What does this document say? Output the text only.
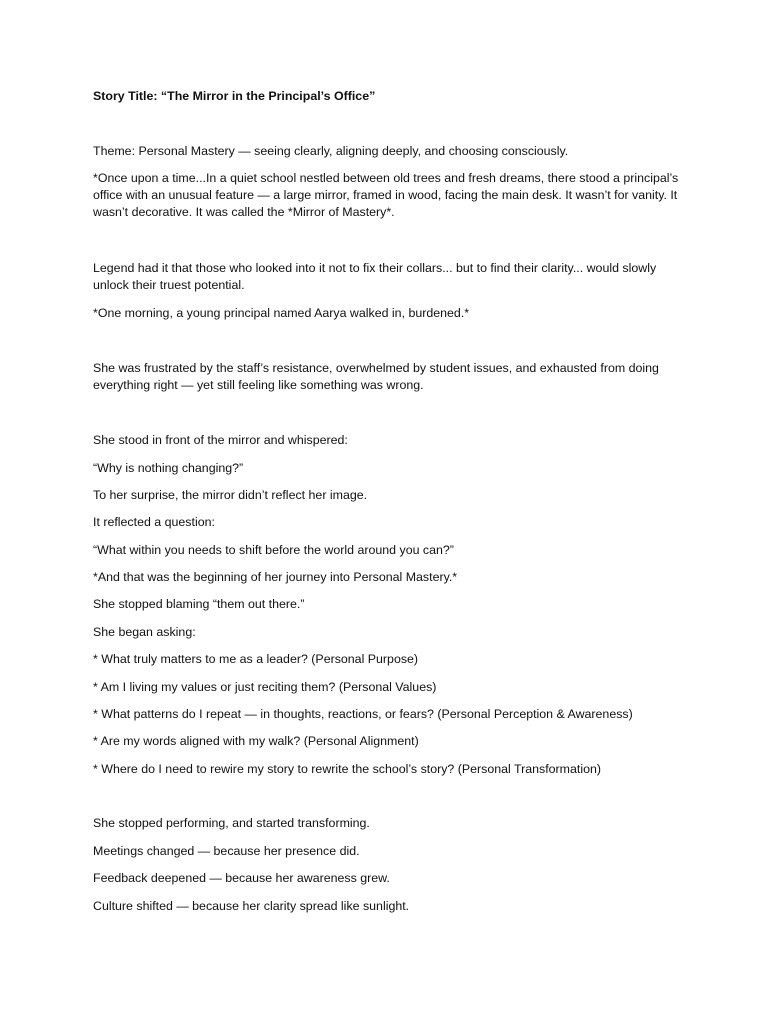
Story Title: “The Mirror in the Principal’s Office”
Theme: Personal Mastery — seeing clearly, aligning deeply, and choosing consciously.
*Once upon a time...In a quiet school nestled between old trees and fresh dreams, there stood a principal’s office with an unusual feature — a large mirror, framed in wood, facing the main desk. It wasn’t for vanity. It wasn’t decorative. It was called the *Mirror of Mastery*.
Legend had it that those who looked into it not to fix their collars... but to find their clarity... would slowly unlock their truest potential.
*One morning, a young principal named Aarya walked in, burdened.*
She was frustrated by the staff’s resistance, overwhelmed by student issues, and exhausted from doing everything right — yet still feeling like something was wrong.
She stood in front of the mirror and whispered:
“Why is nothing changing?”
To her surprise, the mirror didn’t reflect her image.
It reflected a question:
“What within you needs to shift before the world around you can?”
*And that was the beginning of her journey into Personal Mastery.*
She stopped blaming “them out there.”
She began asking:
* What truly matters to me as a leader? (Personal Purpose)
* Am I living my values or just reciting them? (Personal Values)
* What patterns do I repeat — in thoughts, reactions, or fears? (Personal Perception & Awareness)
* Are my words aligned with my walk? (Personal Alignment)
* Where do I need to rewire my story to rewrite the school’s story? (Personal Transformation)
She stopped performing, and started transforming.
Meetings changed — because her presence did.
Feedback deepened — because her awareness grew.
Culture shifted — because her clarity spread like sunlight.
